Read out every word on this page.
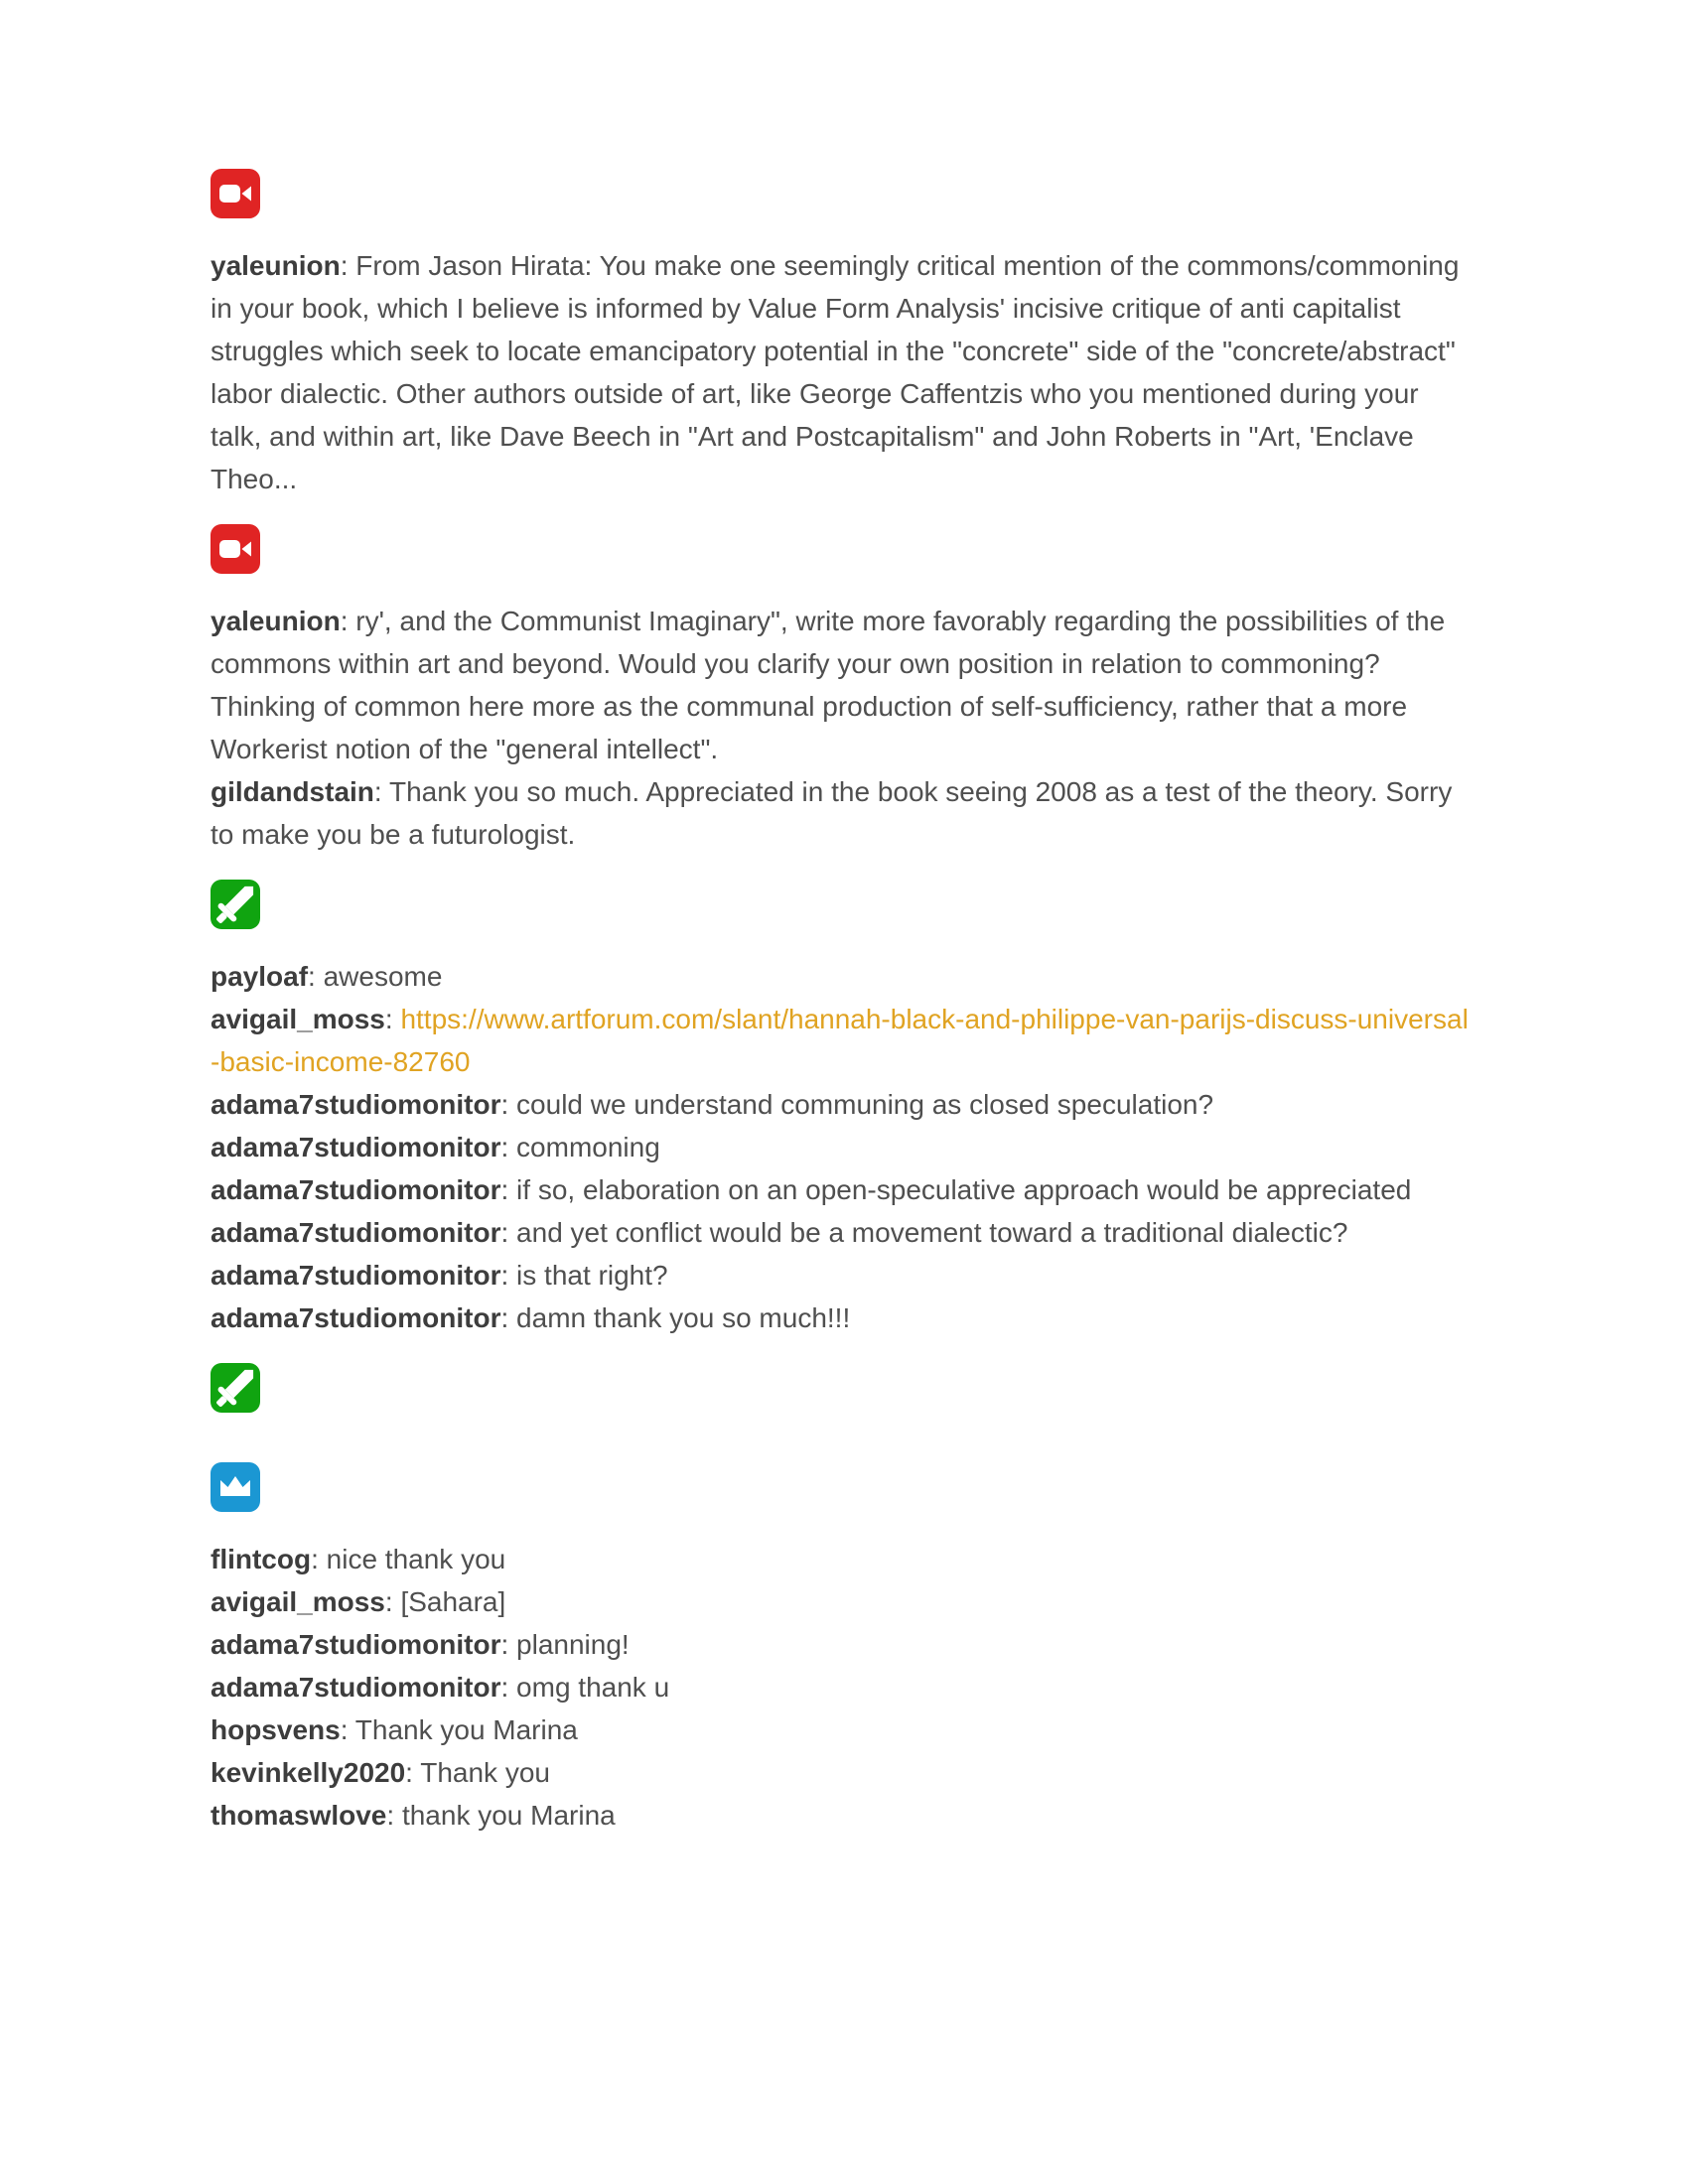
yaleunion: From Jason Hirata: You make one seemingly critical mention of the commons/commoning in your book, which I believe is informed by Value Form Analysis' incisive critique of anti capitalist struggles which seek to locate emancipatory potential in the "concrete" side of the "concrete/abstract" labor dialectic. Other authors outside of art, like George Caffentzis who you mentioned during your talk, and within art, like Dave Beech in "Art and Postcapitalism" and John Roberts in "Art, 'Enclave Theo...
yaleunion: ry', and the Communist Imaginary", write more favorably regarding the possibilities of the commons within art and beyond. Would you clarify your own position in relation to commoning? Thinking of common here more as the communal production of self-sufficiency, rather that a more Workerist notion of the "general intellect".
gildandstain: Thank you so much. Appreciated in the book seeing 2008 as a test of the theory. Sorry to make you be a futurologist.
payloaf: awesome
avigail_moss: https://www.artforum.com/slant/hannah-black-and-philippe-van-parijs-discuss-universal-basic-income-82760
adama7studiomonitor: could we understand communing as closed speculation?
adama7studiomonitor: commoning
adama7studiomonitor: if so, elaboration on an open-speculative approach would be appreciated
adama7studiomonitor: and yet conflict would be a movement toward a traditional dialectic?
adama7studiomonitor: is that right?
adama7studiomonitor: damn thank you so much!!!
flintcog: nice thank you
avigail_moss: [Sahara]
adama7studiomonitor: planning!
adama7studiomonitor: omg thank u
hopsvens: Thank you Marina
kevinkelly2020: Thank you
thomaswlove: thank you Marina
